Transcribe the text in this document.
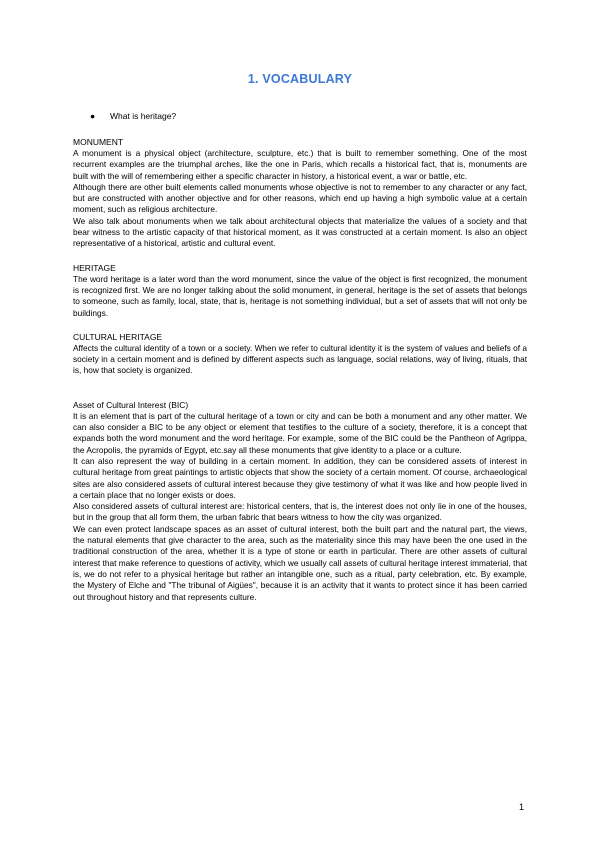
1. VOCABULARY
● What is heritage?

MONUMENT

A monument is a physical object (architecture, sculpture, etc.) that is built to remember something. One of the most recurrent examples are the triumphal arches, like the one in Paris, which recalls a historical fact, that is, monuments are built with the will of remembering either a specific character in history, a historical event, a war or battle, etc.

Although there are other built elements called monuments whose objective is not to remember to any character or any fact, but are constructed with another objective and for other reasons, which end up having a high symbolic value at a certain moment, such as religious architecture.

We also talk about monuments when we talk about architectural objects that materialize the values of a society and that bear witness to the artistic capacity of that historical moment, as it was constructed at a certain moment. Is also an object representative of a historical, artistic and cultural event.

HERITAGE

The word heritage is a later word than the word monument, since the value of the object is first recognized, the monument is recognized first. We are no longer talking about the solid monument, in general, heritage is the set of assets that belongs to someone, such as family, local, state, that is, heritage is not something individual, but a set of assets that will not only be buildings.

CULTURAL HERITAGE

Affects the cultural identity of a town or a society. When we refer to cultural identity it is the system of values and beliefs of a society in a certain moment and is defined by different aspects such as language, social relations, way of living, rituals, that is, how that society is organized.

Asset of Cultural Interest (BIC)

It is an element that is part of the cultural heritage of a town or city and can be both a monument and any other matter. We can also consider a BIC to be any object or element that testifies to the culture of a society, therefore, it is a concept that expands both the word monument and the word heritage. For example, some of the BIC could be the Pantheon of Agrippa, the Acropolis, the pyramids of Egypt, etc.say all these monuments that give identity to a place or a culture.

It can also represent the way of building in a certain moment. In addition, they can be considered assets of interest in cultural heritage from great paintings to artistic objects that show the society of a certain moment. Of course, archaeological sites are also considered assets of cultural interest because they give testimony of what it was like and how people lived in a certain place that no longer exists or does.

Also considered assets of cultural interest are: historical centers, that is, the interest does not only lie in one of the houses, but in the group that all form them, the urban fabric that bears witness to how the city was organized.

We can even protect landscape spaces as an asset of cultural interest, both the built part and the natural part, the views, the natural elements that give character to the area, such as the materiality since this may have been the one used in the traditional construction of the area, whether it is a type of stone or earth in particular. There are other assets of cultural interest that make reference to questions of activity, which we usually call assets of cultural heritage interest immaterial, that is, we do not refer to a physical heritage but rather an intangible one, such as a ritual, party celebration, etc. By example, the Mystery of Elche and "The tribunal of Aigües", because it is an activity that it wants to protect since it has been carried out throughout history and that represents culture.

1
